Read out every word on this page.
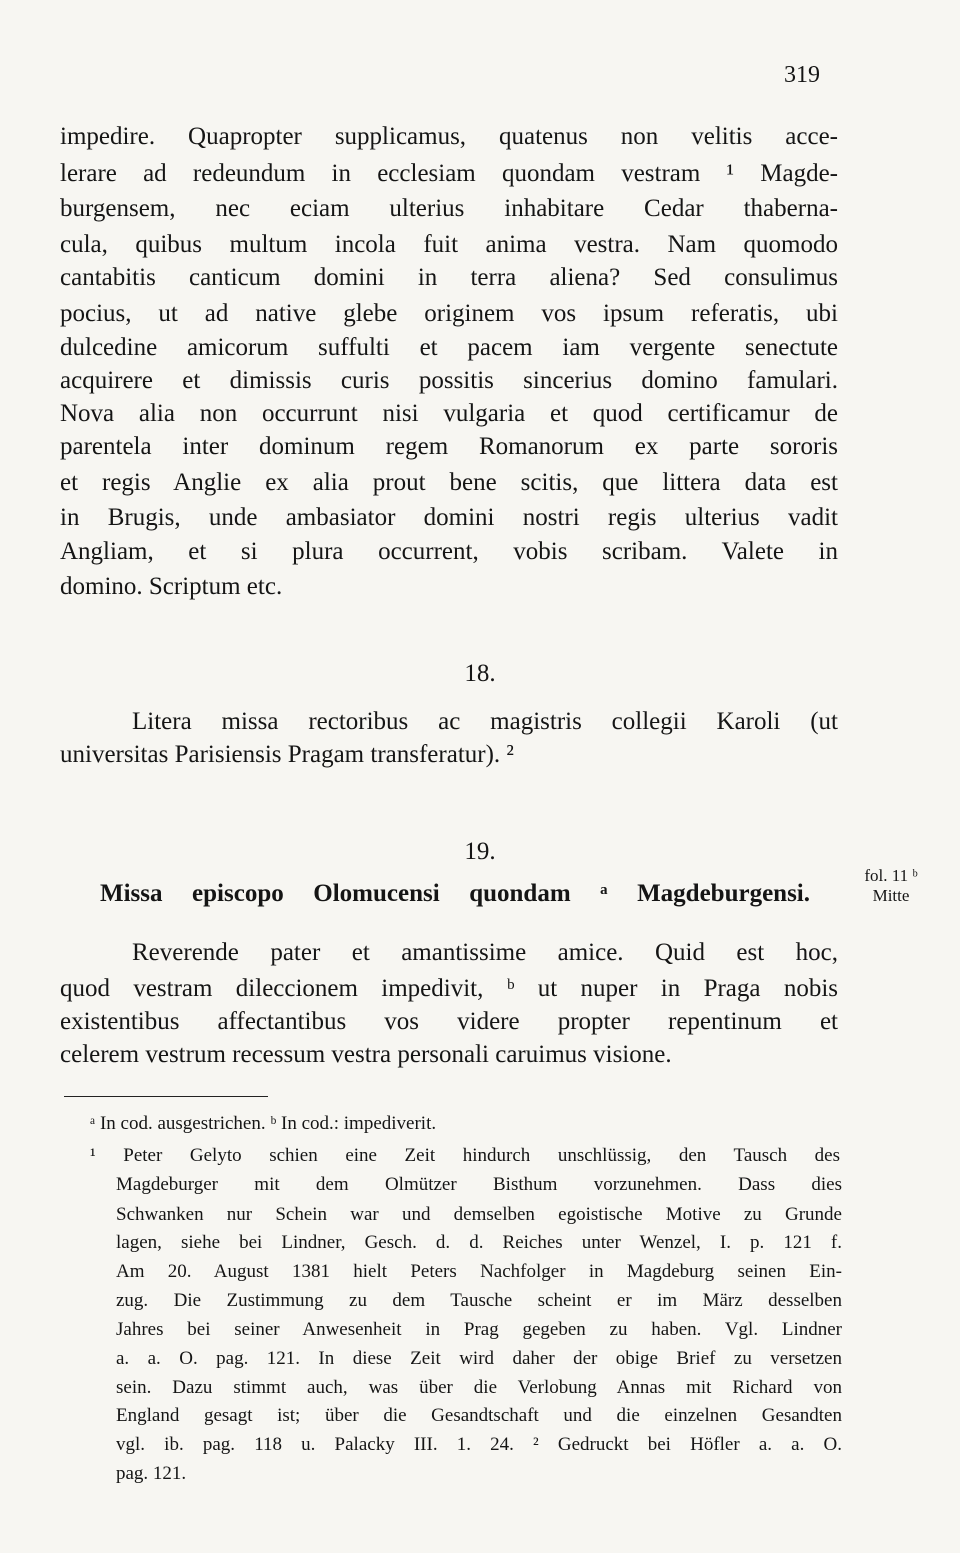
319
impedire. Quapropter supplicamus, quatenus non velitis acce-
lerare ad redeundum in ecclesiam quondam vestram ¹ Magde-
burgensem, nec eciam ulterius inhabitare Cedar thaberna-
cula, quibus multum incola fuit anima vestra. Nam quomodo
cantabitis canticum domini in terra aliena? Sed consulimus
pocius, ut ad native glebe originem vos ipsum referatis, ubi
dulcedine amicorum suffulti et pacem iam vergente senectute
acquirere et dimissis curis possitis sincerius domino famulari.
Nova alia non occurrunt nisi vulgaria et quod certificamur de
parentela inter dominum regem Romanorum ex parte sororis
et regis Anglie ex alia prout bene scitis, que littera data est
in Brugis, unde ambasiator domini nostri regis ulterius vadit
Angliam, et si plura occurrent, vobis scribam. Valete in
domino. Scriptum etc.
18.
Litera missa rectoribus ac magistris collegii Karoli (ut
universitas Parisiensis Pragam transferatur). ²
19.
Missa episcopo Olomucensi quondam ᵃ Magdeburgensi.
Reverende pater et amantissime amice. Quid est hoc,
quod vestram dileccionem impedivit, ᵇ ut nuper in Praga nobis
existentibus affectantibus vos videre propter repentinum et
celerem vestrum recessum vestra personali caruimus visione.
fol. 11 ᵇ
Mitte
ᵃ In cod. ausgestrichen. ᵇ In cod.: impediverit.
¹ Peter Gelyto schien eine Zeit hindurch unschlüssig, den Tausch des
Magdeburger mit dem Olmützer Bisthum vorzunehmen. Dass dies
Schwanken nur Schein war und demselben egoistische Motive zu Grunde
lagen, siehe bei Lindner, Gesch. d. d. Reiches unter Wenzel, I. p. 121 f.
Am 20. August 1381 hielt Peters Nachfolger in Magdeburg seinen Ein-
zug. Die Zustimmung zu dem Tausche scheint er im März desselben
Jahres bei seiner Anwesenheit in Prag gegeben zu haben. Vgl. Lindner
a. a. O. pag. 121. In diese Zeit wird daher der obige Brief zu versetzen
sein. Dazu stimmt auch, was über die Verlobung Annas mit Richard von
England gesagt ist; über die Gesandtschaft und die einzelnen Gesandten
vgl. ib. pag. 118 u. Palacky III. 1. 24. ² Gedruckt bei Höfler a. a. O.
pag. 121.
